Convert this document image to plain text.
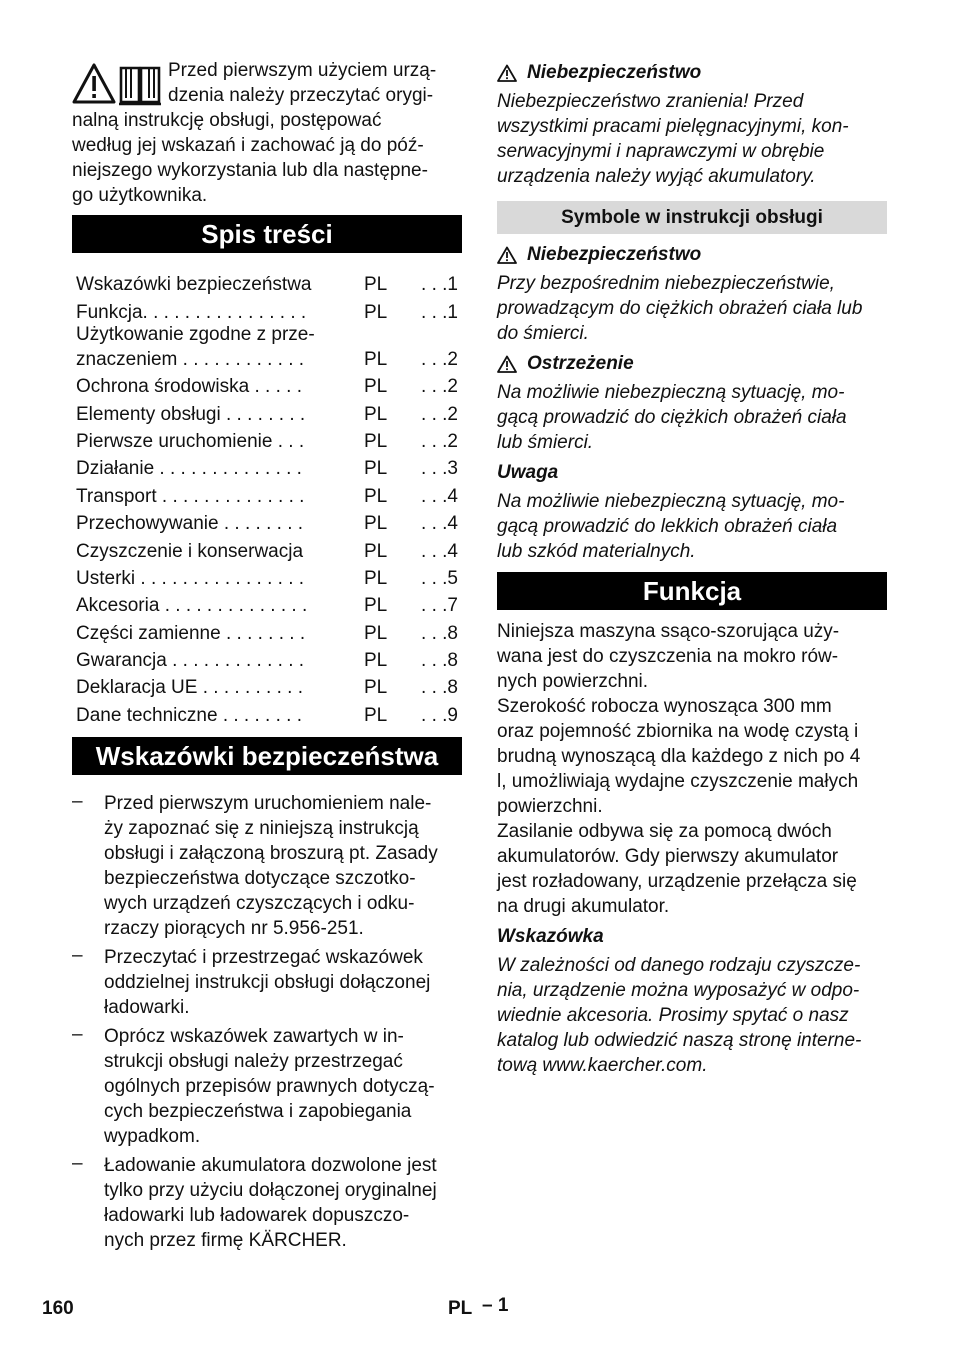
Przed pierwszym użyciem urzą-
dzenia należy przeczytać orygi-
nalną instrukcję obsługi, postępować
według jej wskazań i zachować ją do póź-
niejszego wykorzystania lub dla następne-
go użytkownika.
Spis treści
Wskazówki bezpieczeństwa	PL	. . .1
Funkcja. . . . . . . . . . . . . . . .	PL	. . .1
Użytkowanie zgodne z prze- znaczeniem . . . . . . . . . . . .	PL	. . .2
Ochrona środowiska . . . . .	PL	. . .2
Elementy obsługi . . . . . . . .	PL	. . .2
Pierwsze uruchomienie . . .	PL	. . .2
Działanie . . . . . . . . . . . . . .	PL	. . .3
Transport . . . . . . . . . . . . . .	PL	. . .4
Przechowywanie . . . . . . . .	PL	. . .4
Czyszczenie i konserwacja	PL	. . .4
Usterki . . . . . . . . . . . . . . . .	PL	. . .5
Akcesoria . . . . . . . . . . . . . .	PL	. . .7
Części zamienne . . . . . . . .	PL	. . .8
Gwarancja . . . . . . . . . . . . .	PL	. . .8
Deklaracja UE . . . . . . . . . .	PL	. . .8
Dane techniczne . . . . . . . .	PL	. . .9
Wskazówki bezpieczeństwa
–	Przed pierwszym uruchomieniem nale-

ży zapoznać się z niniejszą instrukcją

obsługi i załączoną broszurą pt. Zasady

bezpieczeństwa dotyczące szczotko-

wych urządzeń czyszczących i odku-

rzaczy piorących nr 5.956-251.

–	Przeczytać i przestrzegać wskazówek

oddzielnej instrukcji obsługi dołączonej

ładowarki.

–	Oprócz wskazówek zawartych w in-

strukcji obsługi należy przestrzegać

ogólnych przepisów prawnych dotyczą-

cych bezpieczeństwa i zapobiegania

wypadkom.

–	Ładowanie akumulatora dozwolone jest

tylko przy użyciu dołączonej oryginalnej

ładowarki lub ładowarek dopuszczo-

nych przez firmę KÄRCHER.

Niebezpieczeństwo

Niebezpieczeństwo zranienia! Przed

wszystkimi pracami pielęgnacyjnymi, kon-

serwacyjnymi i naprawczymi w obrębie

urządzenia należy wyjąć akumulatory.

Symbole w instrukcji obsługi
Niebezpieczeństwo

Przy bezpośrednim niebezpieczeństwie,

prowadzącym do ciężkich obrażeń ciała lub

do śmierci.

Ostrzeżenie

Na możliwie niebezpieczną sytuację, mo-

gącą prowadzić do ciężkich obrażeń ciała

lub śmierci.

Uwaga

Na możliwie niebezpieczną sytuację, mo-

gącą prowadzić do lekkich obrażeń ciała

lub szkód materialnych.

Funkcja

Niniejsza maszyna ssąco-szorująca uży-

wana jest do czyszczenia na mokro rów-

nych powierzchni.

Szerokość robocza wynosząca 300 mm

oraz pojemność zbiornika na wodę czystą i

brudną wynoszącą dla każdego z nich po 4

l, umożliwiają wydajne czyszczenie małych

powierzchni.

Zasilanie odbywa się za pomocą dwóch

akumulatorów. Gdy pierwszy akumulator

jest rozładowany, urządzenie przełącza się

na drugi akumulator.

Wskazówka

W zależności od danego rodzaju czyszcze-

nia, urządzenie można wyposażyć w odpo-

wiednie akcesoria. Prosimy spytać o nasz

katalog lub odwiedzić naszą stronę interne-

tową www.kaercher.com.

160	PL – 1
